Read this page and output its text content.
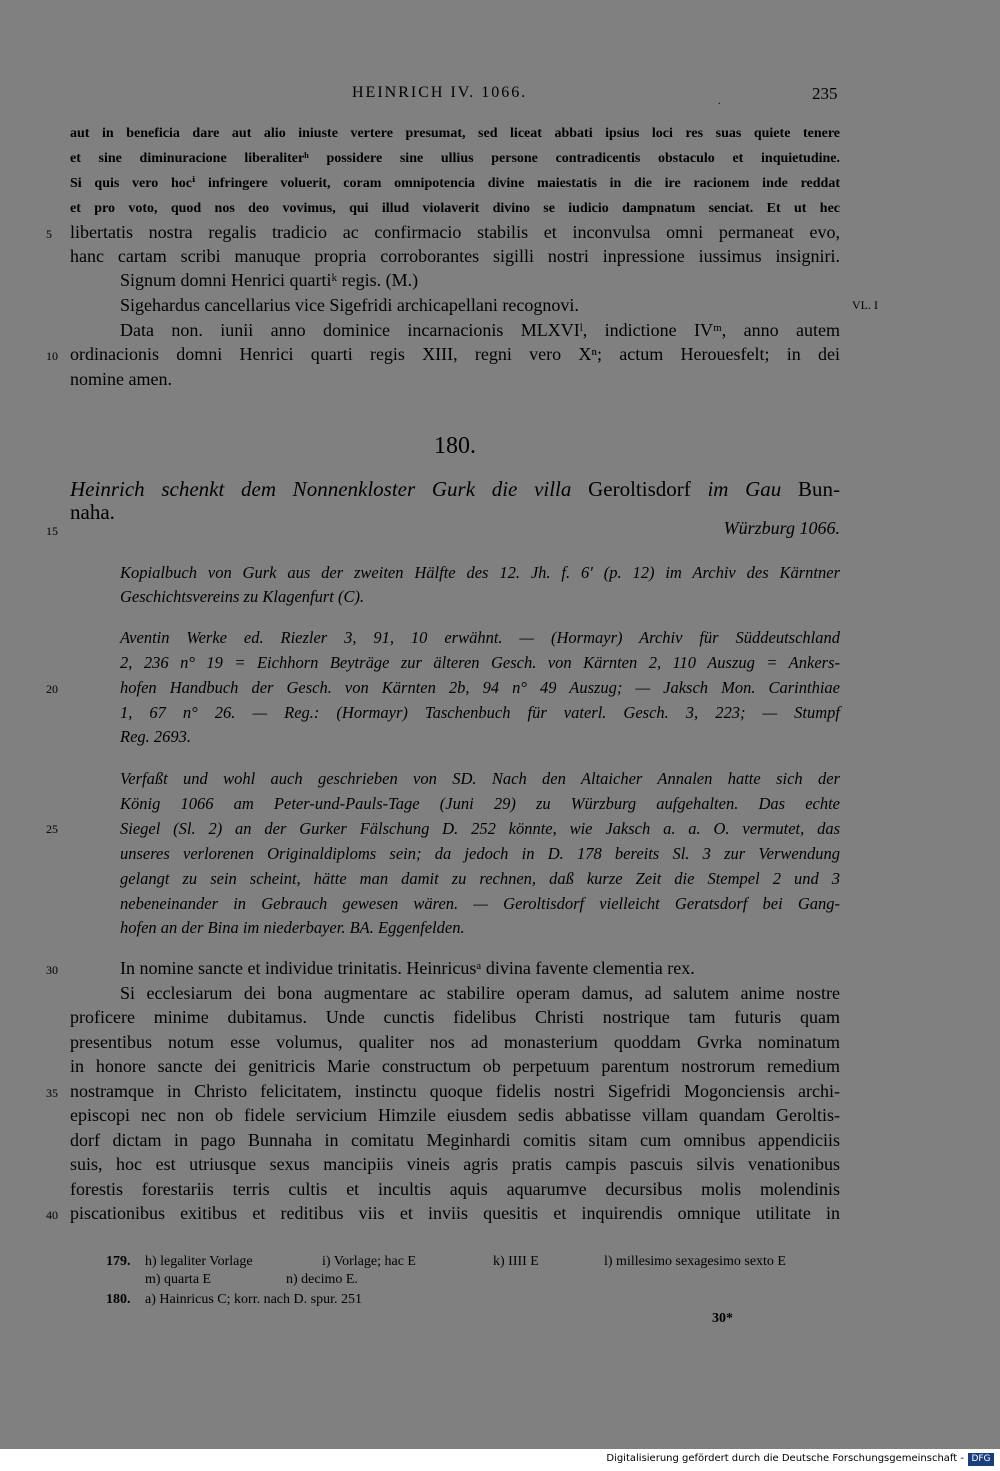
HEINRICH IV. 1066.
.	235
aut in beneficia dare aut alio iniuste vertere presumat, sed liceat abbati ipsius loci res suas quiete tenere
et sine diminuracione liberaliterʰ possidere sine ullius persone contradicentis obstaculo et inquietudine.
Si quis vero hocⁱ infringere voluerit, coram omnipotencia divine maiestatis in die ire racionem inde reddat
et pro voto, quod nos deo vovimus, qui illud violaverit divino se iudicio dampnatum senciat. Et ut hec
libertatis nostra regalis tradicio ac confirmacio stabilis et inconvulsa omni permaneat evo,
hanc cartam scribi manuque propria corroborantes sigilli nostri inpressione iussimus insigniri.
Signum domni Henrici quartiᵏ regis. (M.)
Sigehardus cancellarius vice Sigefridi archicapellani recognovi.
Data non. iunii anno dominice incarnacionis MLXVIˡ, indictione IVᵐ, anno autem
ordinacionis domni Henrici quarti regis XIII, regni vero Xⁿ; actum Herouesfelt; in dei
nomine amen.
VL. I
180.
Heinrich schenkt dem Nonnenkloster Gurk die villa Geroltisdorf im Gau Bun-
naha.
Würzburg 1066.
Kopialbuch von Gurk aus der zweiten Hälfte des 12. Jh. f. 6′ (p. 12) im Archiv des Kärntner
Geschichtsvereins zu Klagenfurt (C).
Aventin Werke ed. Riezler 3, 91, 10 erwähnt. — (Hormayr) Archiv für Süddeutschland
2, 236 n° 19 = Eichhorn Beyträge zur älteren Gesch. von Kärnten 2, 110 Auszug = Ankers-
hofen Handbuch der Gesch. von Kärnten 2b, 94 n° 49 Auszug; — Jaksch Mon. Carinthiae
1, 67 n° 26. — Reg.: (Hormayr) Taschenbuch für vaterl. Gesch. 3, 223; — Stumpf
Reg. 2693.
Verfaßt und wohl auch geschrieben von SD. Nach den Altaicher Annalen hatte sich der
König 1066 am Peter-und-Pauls-Tage (Juni 29) zu Würzburg aufgehalten. Das echte
Siegel (Sl. 2) an der Gurker Fälschung D. 252 könnte, wie Jaksch a. a. O. vermutet, das
unseres verlorenen Originaldiploms sein; da jedoch in D. 178 bereits Sl. 3 zur Verwendung
gelangt zu sein scheint, hätte man damit zu rechnen, daß kurze Zeit die Stempel 2 und 3
nebeneinander in Gebrauch gewesen wären. — Geroltisdorf vielleicht Geratsdorf bei Gang-
hofen an der Bina im niederbayer. BA. Eggenfelden.
In nomine sancte et individue trinitatis. Heinricusᵃ divina favente clementia rex.
Si ecclesiarum dei bona augmentare ac stabilire operam damus, ad salutem anime nostre
proficere minime dubitamus. Unde cunctis fidelibus Christi nostrique tam futuris quam
presentibus notum esse volumus, qualiter nos ad monasterium quoddam Gvrka nominatum
in honore sancte dei genitricis Marie constructum ob perpetuum parentum nostrorum remedium
nostramque in Christo felicitatem, instinctu quoque fidelis nostri Sigefridi Mogonciensis archi-
episcopi nec non ob fidele servicium Himzile eiusdem sedis abbatisse villam quandam Geroltis-
dorf dictam in pago Bunnaha in comitatu Meginhardi comitis sitam cum omnibus appendiciis
suis, hoc est utriusque sexus mancipiis vineis agris pratis campis pascuis silvis venationibus
forestis forestariis terris cultis et incultis aquis aquarumve decursibus molis molendinis
piscationibus exitibus et reditibus viis et inviis quesitis et inquirendis omnique utilitate in
5
10
15
20
25
30
35
40
179. h) legaliter Vorlage	i) Vorlage; hac E	k) IIII E	l) millesimo sexagesimo sexto E
m) quarta E	n) decimo E.
180. a) Hainricus C; korr. nach D. spur. 251
30*
Digitalisierung gefördert durch die Deutsche Forschungsgemeinschaft - DFG
